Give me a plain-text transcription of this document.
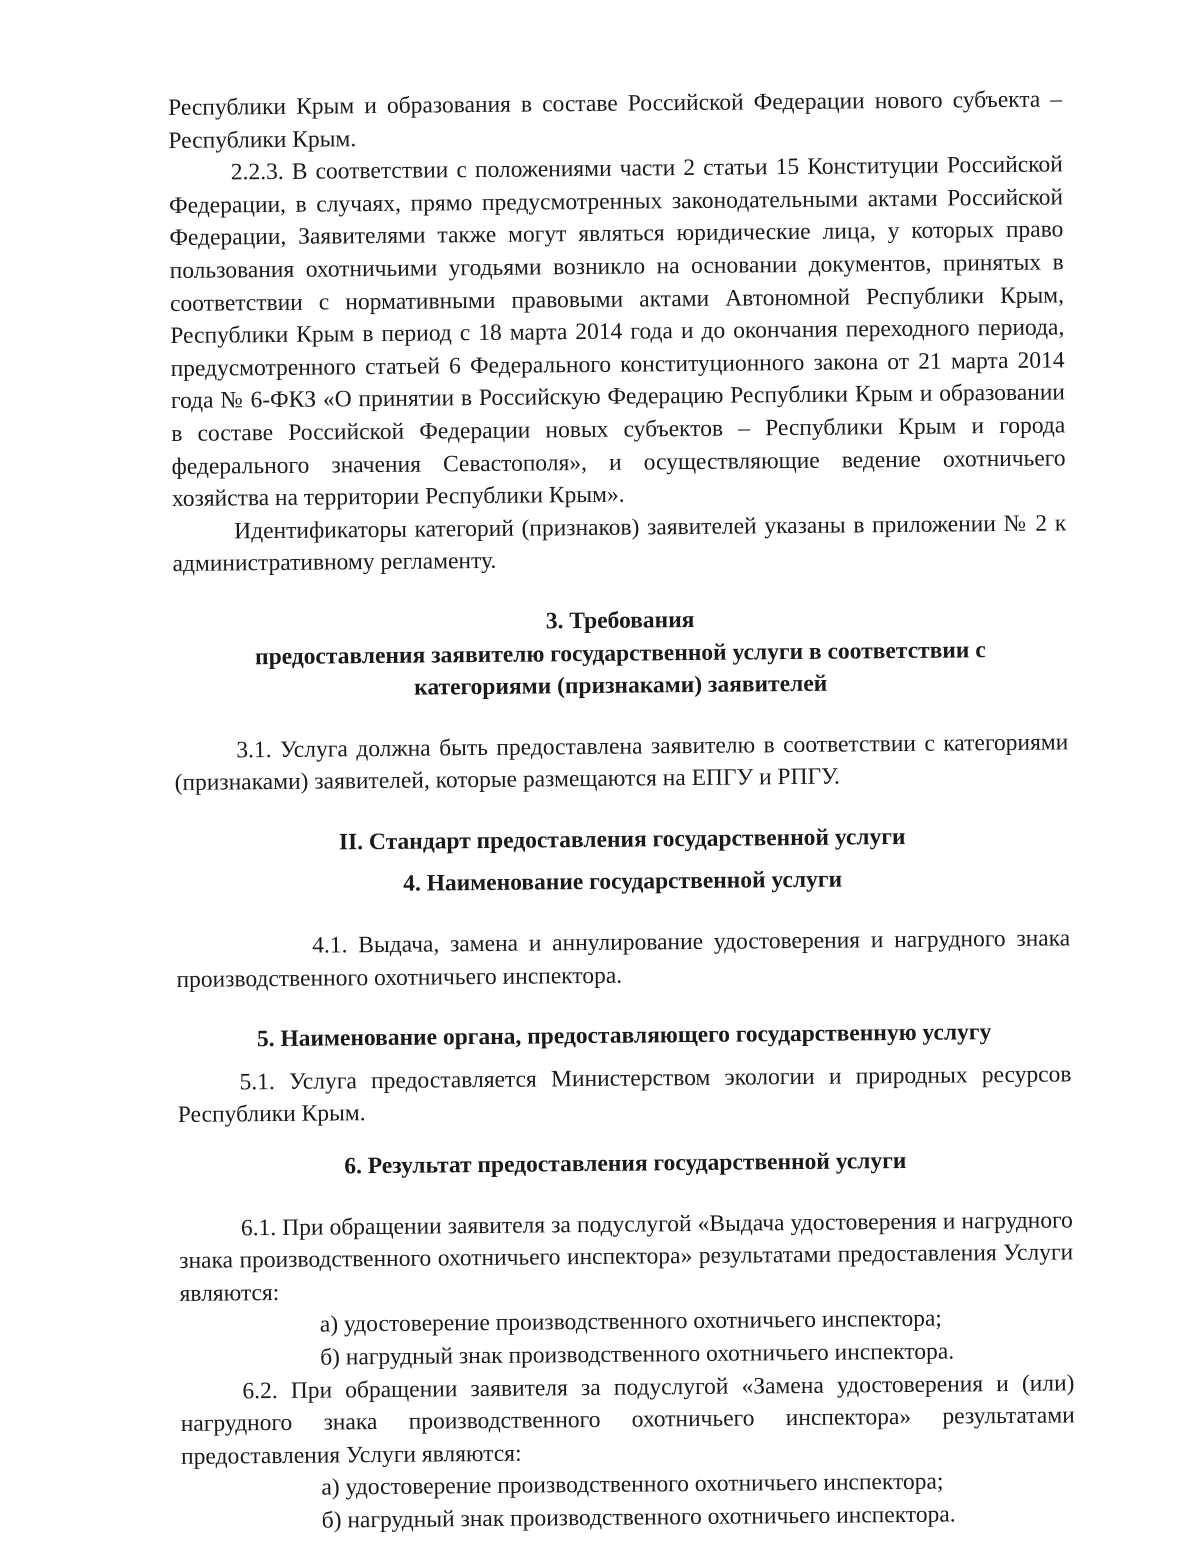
Республики Крым и образования в составе Российской Федерации нового субъекта – Республики Крым.

2.2.3. В соответствии с положениями части 2 статьи 15 Конституции Российской Федерации, в случаях, прямо предусмотренных законодательными актами Российской Федерации, Заявителями также могут являться юридические лица, у которых право пользования охотничьими угодьями возникло на основании документов, принятых в соответствии с нормативными правовыми актами Автономной Республики Крым, Республики Крым в период с 18 марта 2014 года и до окончания переходного периода, предусмотренного статьей 6 Федерального конституционного закона от 21 марта 2014 года № 6-ФКЗ «О принятии в Российскую Федерацию Республики Крым и образовании в составе Российской Федерации новых субъектов – Республики Крым и города федерального значения Севастополя», и осуществляющие ведение охотничьего хозяйства на территории Республики Крым».

Идентификаторы категорий (признаков) заявителей указаны в приложении № 2 к административному регламенту.

3. Требования

предоставления заявителю государственной услуги в соответствии с

категориями (признаками) заявителей

3.1. Услуга должна быть предоставлена заявителю в соответствии с категориями (признаками) заявителей, которые размещаются на ЕПГУ и РПГУ.

II. Стандарт предоставления государственной услуги

4. Наименование государственной услуги

4.1. Выдача, замена и аннулирование удостоверения и нагрудного знака производственного охотничьего инспектора.

5. Наименование органа, предоставляющего государственную услугу

5.1. Услуга предоставляется Министерством экологии и природных ресурсов Республики Крым.

6. Результат предоставления государственной услуги

6.1. При обращении заявителя за подуслугой «Выдача удостоверения и нагрудного знака производственного охотничьего инспектора» результатами предоставления Услуги являются:

а) удостоверение производственного охотничьего инспектора;

б) нагрудный знак производственного охотничьего инспектора.

6.2. При обращении заявителя за подуслугой «Замена удостоверения и (или) нагрудного знака производственного охотничьего инспектора» результатами предоставления Услуги являются:

а) удостоверение производственного охотничьего инспектора;

б) нагрудный знак производственного охотничьего инспектора.
